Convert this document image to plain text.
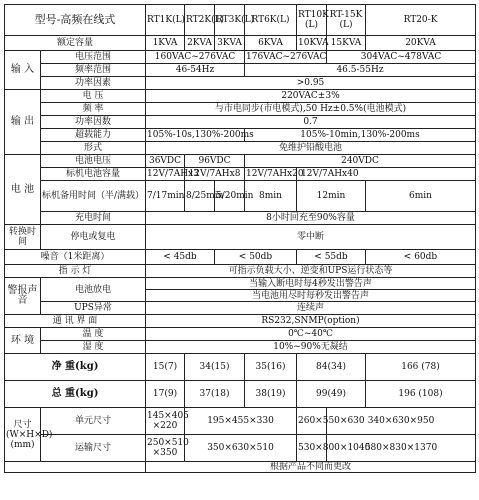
型号-高频在线式		RT1K(L)	RT2K(L)	RT3K(L)	RT6K(L)	RT10K (L)	RT-15K (L)	RT20-K
额定容量		1KVA	2KVA	3KVA	6KVA	10KVA	15KVA	20KVA
输 入	电压范围	160VAC~276VAC			176VAC~276VAC		304VAC~478VAC	
	频率范围	46-54Hz			46.5-55Hz			
	功率因素	>0.95						
输 出	电 压	220VAC±3%						
	频 率	与市电同步(市电模式),50 Hz±0.5%(电池模式)						
	功率因数	0.7						
	超载能力	105%-10s,130%-200ms			105%-10min,130%-200ms			
	形式	免维护铅酸电池						
电 池	电池电压	36VDC	96VDC		240VDC			
	标机电池容量	12V/7AHx3	12V/7AHx8		12V/7AHx20	12V/7AHx40		
	标机备用时间（半/满载）	7/17min	8/25min	5/20min	8min	12min		6min
	充电时间	8小时回充至90%容量						
转换时间	停电或复电	零中断						
噪音（1米距离）		< 45db		< 50db		< 55db		< 60db
指 示 灯		可指示负载大小、逆变和UPS运行状态等						
警报声音	电池放电	当输入断电时每4秒发出警告声						
		当电池用尽时每秒发出警告声						
	UPS异常	连续声						
通 讯 界 面		RS232,SNMP(option)						
环 境	温 度	0℃~40℃						
	湿 度	10%~90%无凝结						
净 重(kg)		15(7)	34(15)		35(16)	84(34)		166 (78)
总 重(kg)		17(9)	37(18)		38(19)	99(49)		196 (108)
尺寸(W×H×D)(mm)	单元尺寸	145×405 ×220	195×455×330			260×550×630	340×630×950	
	运输尺寸	250×510 ×350	350×630×510			530×800×1040	580×830×1370	
		根据产品不同而更改						
